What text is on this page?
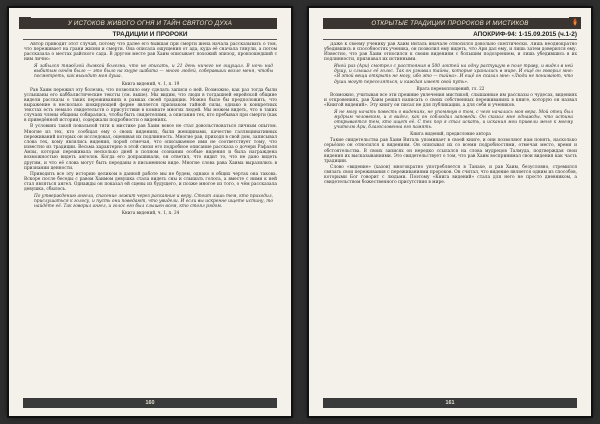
У ИСТОКОВ ЖИВОГО ОГНЯ И ТАЙН СВЯТОГО ДУХА
ТРАДИЦИИ И ПРОРОКИ

Автор приводит этот случай, потому что далее его бывшая при смерти жена начала рассказывать о том, что переживает на грани жизни и смерти. Она описала ощущения от ада, куда её сначала тянули, а потом рассказала о местах райского сада. В другом месте рав Хаим описывает похожий эпизод, произошедший с ним лично:

Я забылся тяжёлой дымкой болезни, что не описать, и 21 день ничего не ощущал. В ночь над выбитым огнём было — это было на кнуре шабата — много людей, соберавших возле меня, чтобы посмотреть, как выходит моя душа.

Книга видений, ч. 1, п. 19

Рав Хаим пережил эту болезнь, что позволило ему сделать записи о ней. Возможно, как раз тогда были услышаны его каббалистические тексты (см. выше). Мы видим, что люди в тогдашней еврейской общине видели рассказы о таких переживаниях в рамках своей традиции. Можно было бы предположить, что выражение в несколько шокирующей форме является признаком тайной силы, однако в конкретных текстах есть немало свидетельств о присутствии в комнате многих людей. Мы можем видеть, что в таких случаях члены общины собирались, чтобы быть свидетелями, а описания тех, кто пребывал при смерти (как в приведённой истории), содержали подробности о видениях.

В условиях такой повальной тяги к мистике рав Хаим вовсе не стал довольствоваться личным опытом. Многие из тех, кто сообщал ему о своих видениях, были женщинами, качество галлюцинативных переживаний которых он исследовал, оценивая их подлинность. Многие рав, приходя в свой дом, записывал слова тех, кому являлись видения, порой отмечая, что описываемое ими не соответствует тому, что известно из традиции. Весьма характерно в этой связи его подробное описание рассказа о дочери Рафаэля Амзы, которая переживала несколько дней в полном сознании особые видения и была награждена возможностью видеть ангелов. Когда его допрашивали, он ответил, что видит то, что не дано видеть другим, и что её слова могут быть переданы в письменном виде. Многие слова рава Хаима выразились в признании ценности.

Приводить все эту историю целиком в данной работе мы не будем, однако в общих чертах она такова. Вскоре после беседы с равом Хаимом девушка стала видеть сны и слышать голоса, а вместе с ними к ней стал являться ангел. Однажды он показал ей сцены из будущего, и позже многое из того, о чём рассказала девушка, сбылось.

По утверждению ангела, спасение лежит через раскаяние и веру. Стоит лишь тем, кто приходил, прислушаться к голосу, и пусть они поведают, что увидели. И если вы искренне ищете истину, то найдёте её. Так говорил ангел, и голос его был слышен всем, кто стоял рядом.

Книга видений, ч. 1, п. 24

160
ОТКРЫТЫЕ ТРАДИЦИИ ПРОРОКОВ И МИСТИКОВ
АПОКРИФ-94: 1-15.09.2015 (ч.1-2)

Даже к своему ученику рав Хаим Виталь вначале относился довольно скептически. Лишь неоднократно убедившись в способностях ученика, он позволил ему видеть, что Ари дал ему, и лишь затем доверился ему. Известно, что рав Хаим относился к своим видениям с большим подозрением, и лишь убедившись в их подлинности, признавал их истинными.

Иной раз (Ари) смотрел с расстояния в 500 локтей на одну растущую в поле траву, и видел в ней душу, и слышал её голос. Так он узнавал тайны, которые хранились в мире. И ещё он говорил мне: «Я этой вещи открыть не могу, ибо это — тайна». И ещё он сказал мне: «Люди не понимают, что души могут переселяться, и каждая имеет свой путь».

Врата перевоплощений, гл. 22

Возможно, учитывая все эти прежние увлечения мистикой, слышанные им рассказы о чудесах, видениях и откровениях, рав Хаим решил написать о своих собственных переживаниях в книге, которую он назвал «Книгой видений». Эту книгу он писал не для публикации, а для себя и учеников.

Я не могу начать повесть о видениях, не упомянув о том, с чего началась моя вера. Мой отец был мудрым человеком, и я видел, как он соблюдал заповеди. Он сказал мне однажды, что истина открывается тем, кто ищет её. С тех пор я стал искать, и искания мои привели меня к моему учителю Ари, благословенна его память.

Книга видений, предисловие автора

Такие свидетельства рав Хаим Виталь упоминает в своей книге, и они позволяют нам понять, насколько серьёзно он относился к видениям. Он описывал их со всеми подробностями, отмечая место, время и обстоятельства. В своих записях он нередко ссылался на слова мудрецов Талмуда, подтверждая свои видения их высказываниями. Это свидетельствует о том, что рав Хаим воспринимал свои видения как часть традиции.

Слово «видение» (хазон) многократно употребляется в Танахе, и рав Хаим, безусловно, стремился связать свои переживания с переживаниями пророков. Он считал, что видение является одним из способов, которыми Бог говорит с людьми. Поэтому «Книга видений» стала для него не просто дневником, а свидетельством божественного присутствия в мире.

161
